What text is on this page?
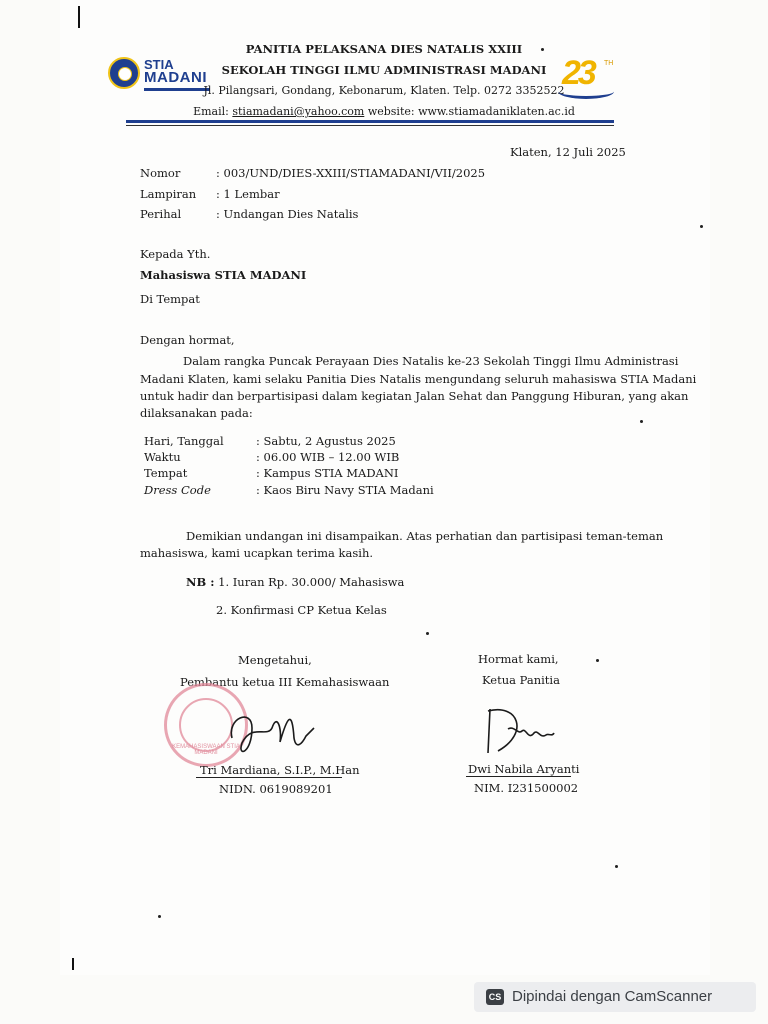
STIA
MADANI

PANITIA PELAKSANA DIES NATALIS XXIII

SEKOLAH TINGGI ILMU ADMINISTRASI MADANI

Jl. Pilangsari, Gondang, Kebonarum, Klaten. Telp. 0272 3352522

Email: stiamadani@yahoo.com website: www.stiamadaniklaten.ac.id

23 TH

Klaten, 12 Juli 2025

Nomor	: 003/UND/DIES-XXIII/STIAMADANI/VII/2025

Lampiran : 1 Lembar

Perihal	: Undangan Dies Natalis

Kepada Yth.

Mahasiswa STIA MADANI

Di Tempat

Dengan hormat,

Dalam rangka Puncak Perayaan Dies Natalis ke-23 Sekolah Tinggi Ilmu Administrasi

Madani Klaten, kami selaku Panitia Dies Natalis mengundang seluruh mahasiswa STIA Madani

untuk hadir dan berpartisipasi dalam kegiatan Jalan Sehat dan Panggung Hiburan, yang akan

dilaksanakan pada:

Hari, Tanggal	: Sabtu, 2 Agustus 2025

Waktu	: 06.00 WIB – 12.00 WIB

Tempat	: Kampus STIA MADANI

Dress Code	: Kaos Biru Navy STIA Madani

Demikian undangan ini disampaikan. Atas perhatian dan partisipasi teman-teman

mahasiswa, kami ucapkan terima kasih.

NB : 1. Iuran Rp. 30.000/ Mahasiswa

2. Konfirmasi CP Ketua Kelas

Mengetahui,

Pembantu ketua III Kemahasiswaan

Hormat kami,

Ketua Panitia

KEMAHASISWAAN STIA MADANI

Tri Mardiana, S.I.P., M.Han

NIDN. 0619089201

Dwi Nabila Aryanti

NIM. I231500002

CS Dipindai dengan CamScanner
